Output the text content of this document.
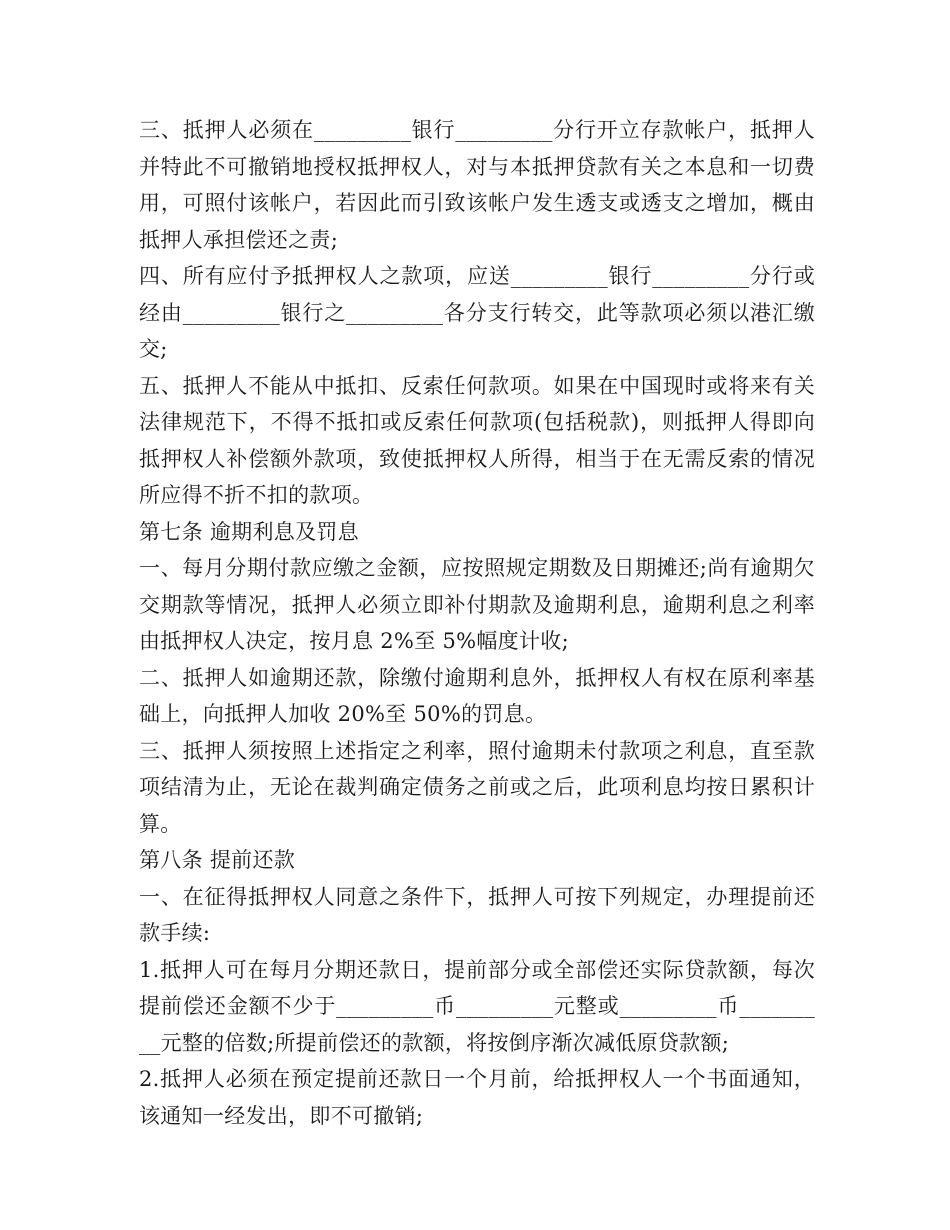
三、抵押人必须在_________银行_________分行开立存款帐户，抵押人并特此不可撤销地授权抵押权人，对与本抵押贷款有关之本息和一切费用，可照付该帐户，若因此而引致该帐户发生透支或透支之增加，概由抵押人承担偿还之责;

四、所有应付予抵押权人之款项，应送_________银行_________分行或经由_________银行之_________各分支行转交，此等款项必须以港汇缴交;

五、抵押人不能从中抵扣、反索任何款项。如果在中国现时或将来有关法律规范下，不得不抵扣或反索任何款项(包括税款)，则抵押人得即向抵押权人补偿额外款项，致使抵押权人所得，相当于在无需反索的情况所应得不折不扣的款项。

第七条 逾期利息及罚息

一、每月分期付款应缴之金额，应按照规定期数及日期摊还;尚有逾期欠交期款等情况，抵押人必须立即补付期款及逾期利息，逾期利息之利率由抵押权人决定，按月息 2%至 5%幅度计收;

二、抵押人如逾期还款，除缴付逾期利息外，抵押权人有权在原利率基础上，向抵押人加收 20%至 50%的罚息。

三、抵押人须按照上述指定之利率，照付逾期未付款项之利息，直至款项结清为止，无论在裁判确定债务之前或之后，此项利息均按日累积计算。

第八条 提前还款

一、在征得抵押权人同意之条件下，抵押人可按下列规定，办理提前还款手续:

1.抵押人可在每月分期还款日，提前部分或全部偿还实际贷款额，每次提前偿还金额不少于_________币_________元整或_________币_________元整的倍数;所提前偿还的款额，将按倒序渐次减低原贷款额;

2.抵押人必须在预定提前还款日一个月前，给抵押权人一个书面通知，该通知一经发出，即不可撤销;
